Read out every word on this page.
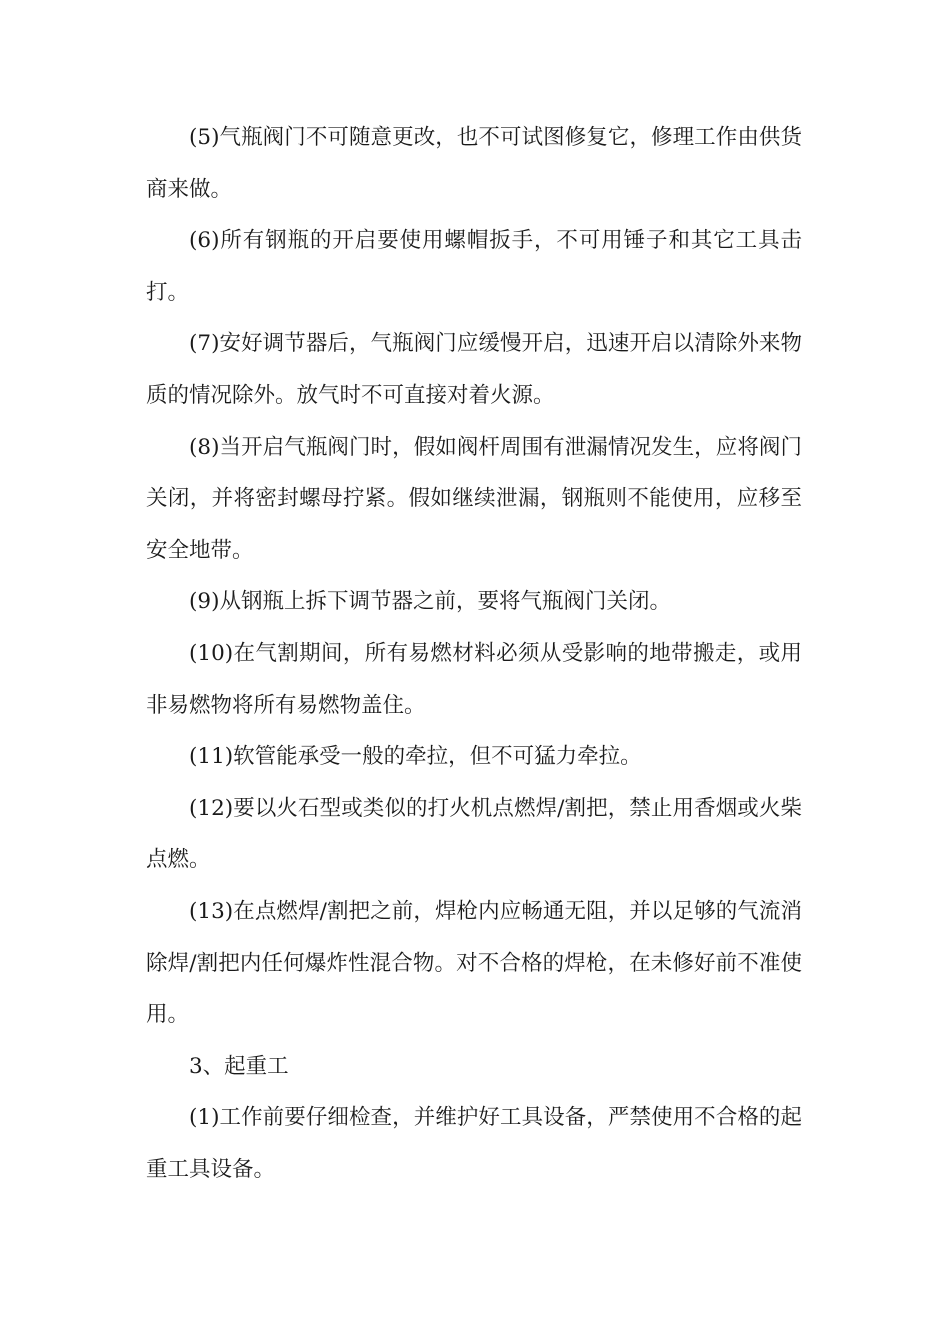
(5)气瓶阀门不可随意更改，也不可试图修复它，修理工作由供货商来做。

(6)所有钢瓶的开启要使用螺帽扳手，不可用锤子和其它工具击打。

(7)安好调节器后，气瓶阀门应缓慢开启，迅速开启以清除外来物质的情况除外。放气时不可直接对着火源。

(8)当开启气瓶阀门时，假如阀杆周围有泄漏情况发生，应将阀门关闭，并将密封螺母拧紧。假如继续泄漏，钢瓶则不能使用，应移至安全地带。

(9)从钢瓶上拆下调节器之前，要将气瓶阀门关闭。

(10)在气割期间，所有易燃材料必须从受影响的地带搬走，或用非易燃物将所有易燃物盖住。

(11)软管能承受一般的牵拉，但不可猛力牵拉。

(12)要以火石型或类似的打火机点燃焊/割把，禁止用香烟或火柴点燃。

(13)在点燃焊/割把之前，焊枪内应畅通无阻，并以足够的气流消除焊/割把内任何爆炸性混合物。对不合格的焊枪，在未修好前不准使用。

3、起重工

(1)工作前要仔细检查，并维护好工具设备，严禁使用不合格的起重工具设备。
